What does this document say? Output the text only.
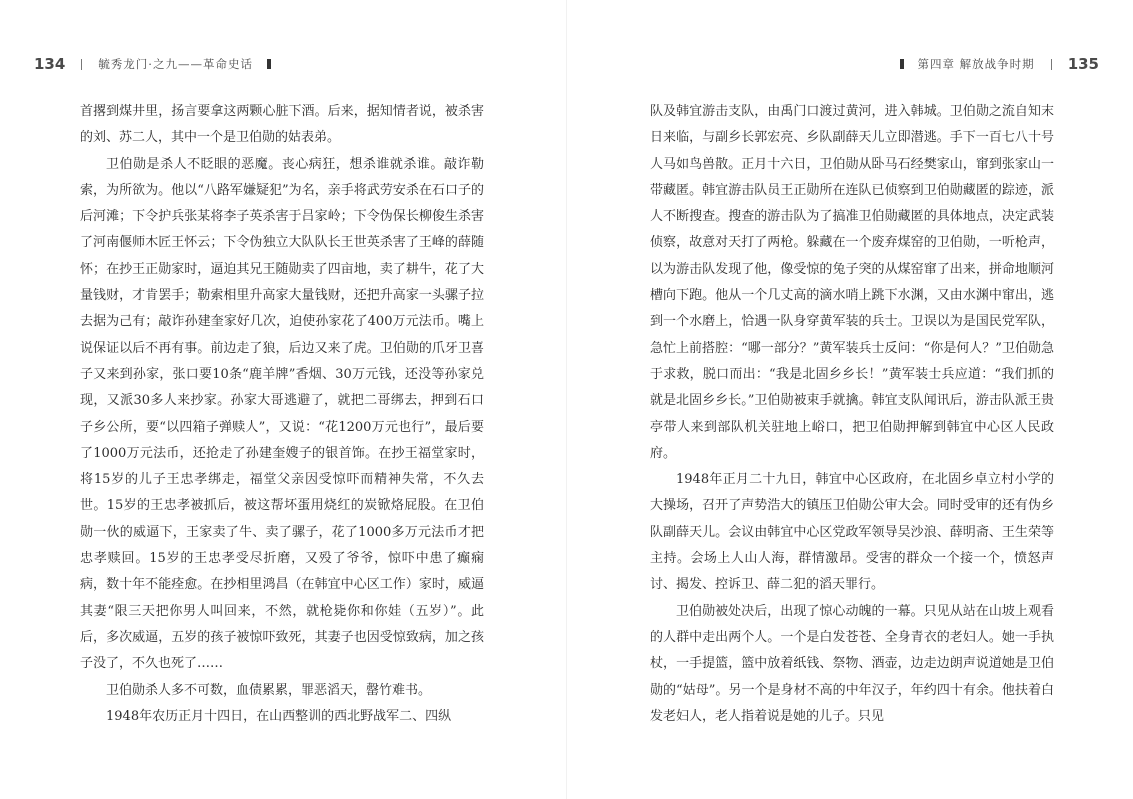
134	毓秀龙门·之九——革命史话	第四章 解放战争时期 135

首撂到煤井里，扬言要拿这两颗心脏下酒。后来，据知情者说，被杀害的刘、苏二人，其中一个是卫伯勋的姑表弟。

卫伯勋是杀人不眨眼的恶魔。丧心病狂，想杀谁就杀谁。敲诈勒索，为所欲为。他以“八路军嫌疑犯”为名，亲手将武劳安杀在石口子的后河滩；下令护兵张某将李子英杀害于吕家岭；下令伪保长柳俊生杀害了河南偃师木匠王怀云；下令伪独立大队队长王世英杀害了王峰的薛随怀；在抄王正勋家时，逼迫其兄王随勋卖了四亩地，卖了耕牛，花了大量钱财，才肯罢手；勒索相里升高家大量钱财，还把升高家一头骡子拉去据为己有；敲诈孙建奎家好几次，迫使孙家花了400万元法币。嘴上说保证以后不再有事。前边走了狼，后边又来了虎。卫伯勋的爪牙卫喜子又来到孙家，张口要10条“鹿羊牌”香烟、30万元钱，还没等孙家兑现，又派30多人来抄家。孙家大哥逃避了，就把二哥绑去，押到石口子乡公所，要“以四箱子弹赎人”，又说：“花1200万元也行”，最后要了1000万元法币，还抢走了孙建奎嫂子的银首饰。在抄王福堂家时，将15岁的儿子王忠孝绑走，福堂父亲因受惊吓而精神失常，不久去世。15岁的王忠孝被抓后，被这帮坏蛋用烧红的炭锨烙屁股。在卫伯勋一伙的威逼下，王家卖了牛、卖了骡子，花了1000多万元法币才把忠孝赎回。15岁的王忠孝受尽折磨，又殁了爷爷，惊吓中患了癫痫病，数十年不能痊愈。在抄相里鸿昌（在韩宜中心区工作）家时，威逼其妻“限三天把你男人叫回来，不然，就枪毙你和你娃（五岁）”。此后，多次威逼，五岁的孩子被惊吓致死，其妻子也因受惊致病，加之孩子没了，不久也死了……

卫伯勋杀人多不可数，血债累累，罪恶滔天，罄竹难书。

1948年农历正月十四日，在山西整训的西北野战军二、四纵

队及韩宜游击支队，由禹门口渡过黄河，进入韩城。卫伯勋之流自知末日来临，与副乡长郭宏亮、乡队副薛天儿立即潜逃。手下一百七八十号人马如鸟兽散。正月十六日，卫伯勋从卧马石经樊家山，窜到张家山一带藏匿。韩宜游击队员王正勋所在连队已侦察到卫伯勋藏匿的踪迹，派人不断搜查。搜查的游击队为了搞准卫伯勋藏匿的具体地点，决定武装侦察，故意对天打了两枪。躲藏在一个废弃煤窑的卫伯勋，一听枪声，以为游击队发现了他，像受惊的兔子突的从煤窑窜了出来，拼命地顺河槽向下跑。他从一个几丈高的滴水哨上跳下水渊，又由水渊中窜出，逃到一个水磨上，恰遇一队身穿黄军装的兵士。卫误以为是国民党军队，急忙上前搭腔：“哪一部分？”黄军装兵士反问：“你是何人？”卫伯勋急于求救，脱口而出：“我是北固乡乡长！”黄军装士兵应道：“我们抓的就是北固乡乡长。”卫伯勋被束手就擒。韩宜支队闻讯后，游击队派王贵亭带人来到部队机关驻地上峪口，把卫伯勋押解到韩宜中心区人民政府。

1948年正月二十九日，韩宜中心区政府，在北固乡卓立村小学的大操场，召开了声势浩大的镇压卫伯勋公审大会。同时受审的还有伪乡队副薛天儿。会议由韩宜中心区党政军领导吴沙浪、薛明斋、王生荣等主持。会场上人山人海，群情激昂。受害的群众一个接一个，愤怒声讨、揭发、控诉卫、薛二犯的滔天罪行。

卫伯勋被处决后，出现了惊心动魄的一幕。只见从站在山坡上观看的人群中走出两个人。一个是白发苍苍、全身青衣的老妇人。她一手执杖，一手提篮，篮中放着纸钱、祭物、酒壶，边走边朗声说道她是卫伯勋的“姑母”。另一个是身材不高的中年汉子，年约四十有余。他扶着白发老妇人，老人指着说是她的儿子。只见
